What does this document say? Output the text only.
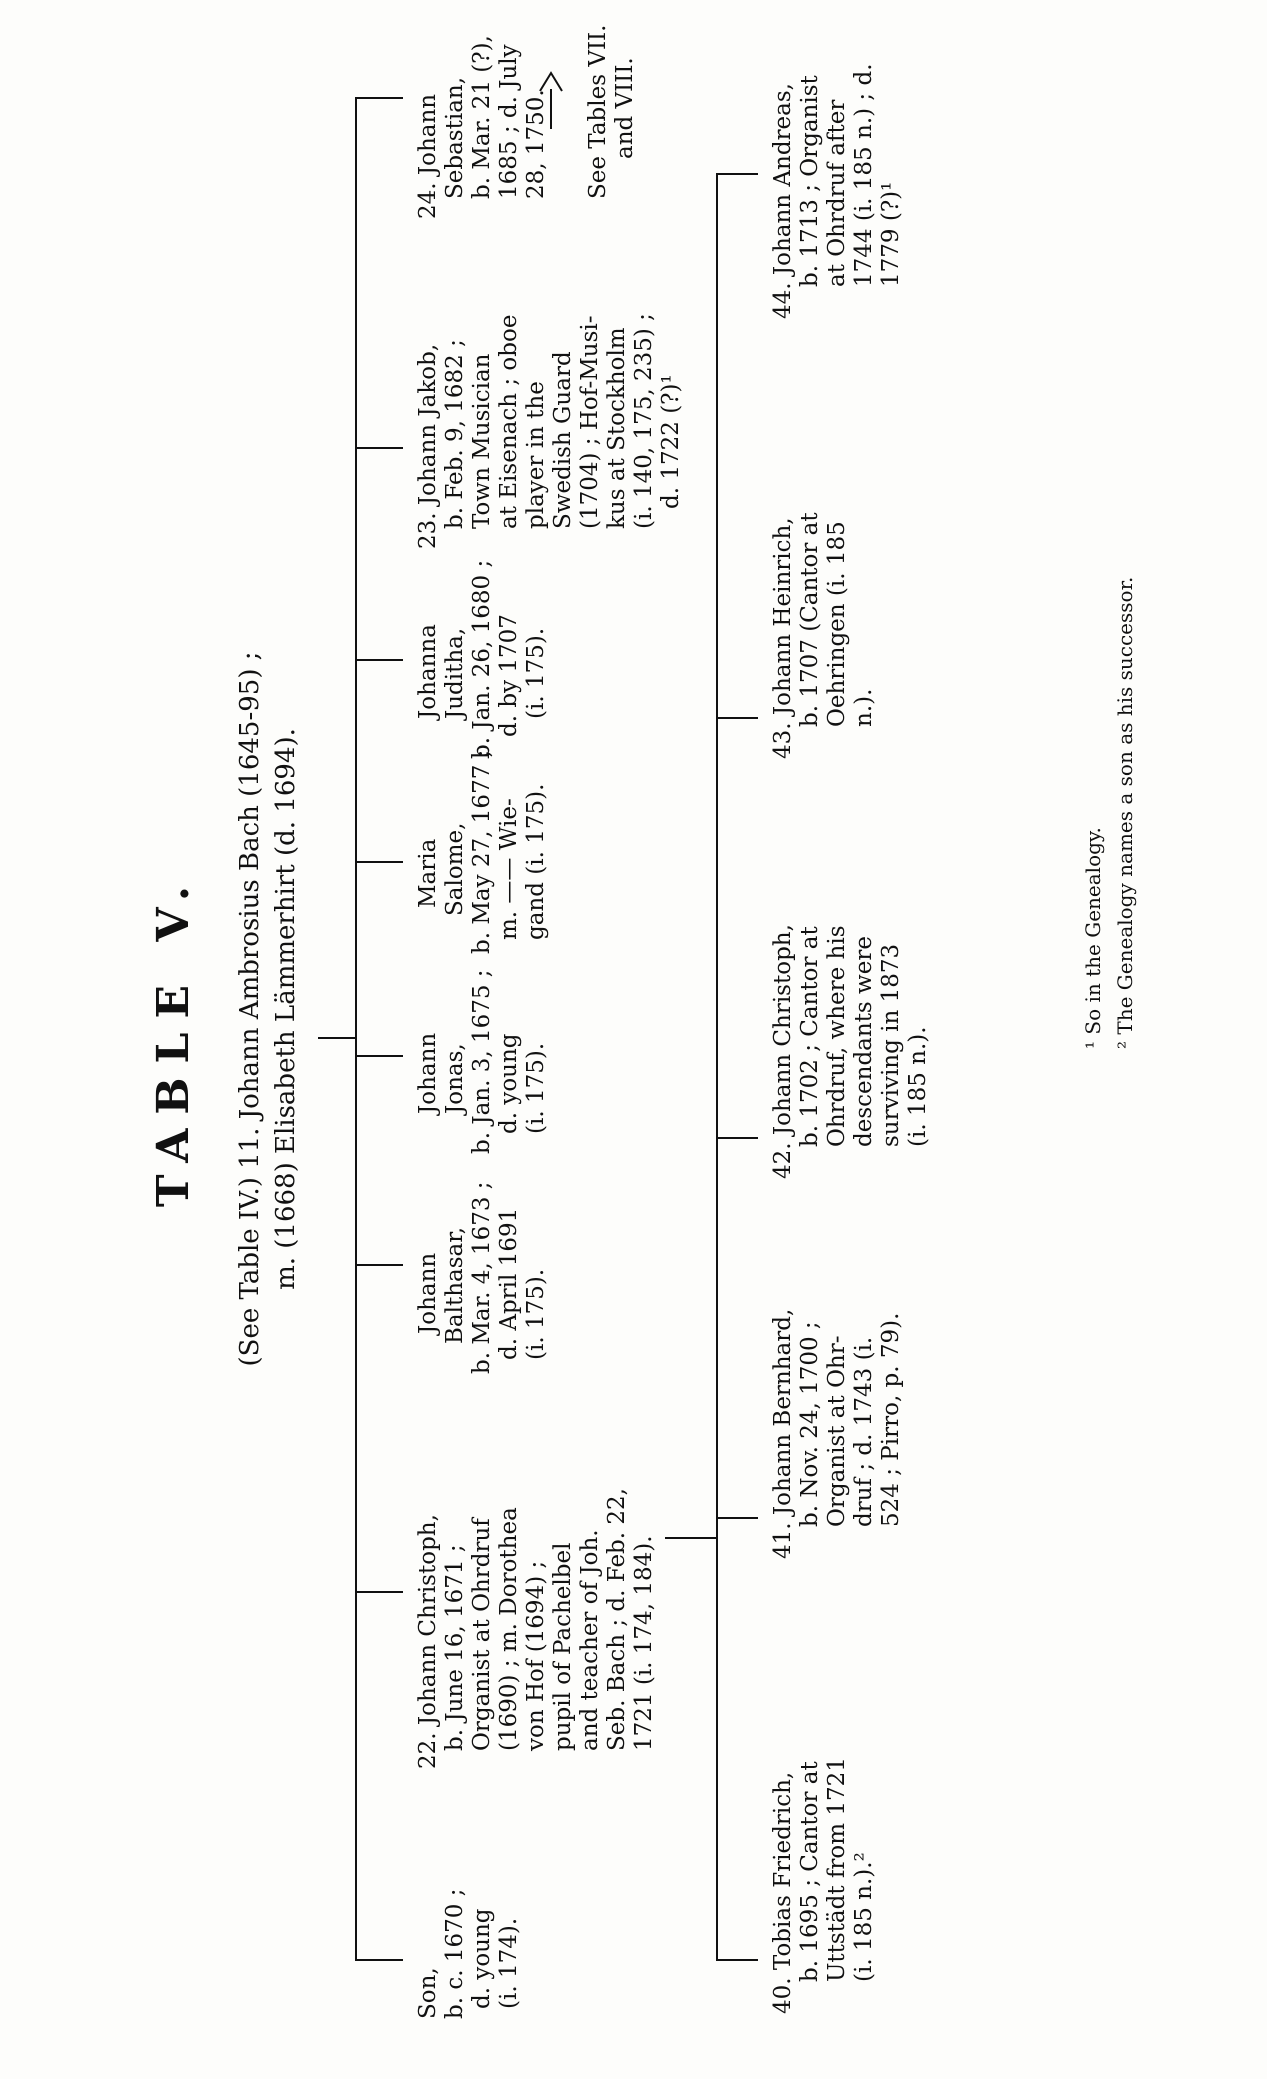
TABLE V. (See Table IV.) 11. Johann Ambrosius Bach (1645-95) ; m. (1668) Elisabeth Lämmerhirt (d. 1694).
Son, b. c. 1670 ; d. young (i. 174).
22. Johann Christoph, b. June 16, 1671 ; Organist at Ohrdruf (1690) ; m. Dorothea von Hof (1694) ; pupil of Pachelbel and teacher of Joh. Seb. Bach ; d. Feb. 22, 1721 (i. 174, 184).
Johann Balthasar, b. Mar. 4, 1673 ; d. April 1691 (i. 175).
Johann Jonas, b. Jan. 3, 1675 ; d. young (i. 175).
Maria Salome, b. May 27, 1677 ; m. —— Wie- gand (i. 175).
Johanna Juditha, b. Jan. 26, 1680 ; d. by 1707 (i. 175).
23. Johann Jakob, b. Feb. 9, 1682 ; Town Musician at Eisenach ; oboe player in the Swedish Guard (1704) ; Hof-Musi- kus at Stockholm (i. 140, 175, 235) ; d. 1722 (?)¹
24. Johann Sebastian, b. Mar. 21 (?), 1685 ; d. July 28, 1750. See Tables VII. and VIII.
40. Tobias Friedrich, b. 1695 ; Cantor at Uttstädt from 1721 (i. 185 n.).²
41. Johann Bernhard, b. Nov. 24, 1700 ; Organist at Ohr- druf ; d. 1743 (i. 524 ; Pirro, p. 79).
42. Johann Christoph, b. 1702 ; Cantor at Ohrdruf, where his descendants were surviving in 1873 (i. 185 n.).
43. Johann Heinrich, b. 1707 (Cantor at Oehringen (i. 185 n.).
44. Johann Andreas, b. 1713 ; Organist at Ohrdruf after 1744 (i. 185 n.) ; d. 1779 (?)¹
¹ So in the Genealogy. ² The Genealogy names a son as his successor.
